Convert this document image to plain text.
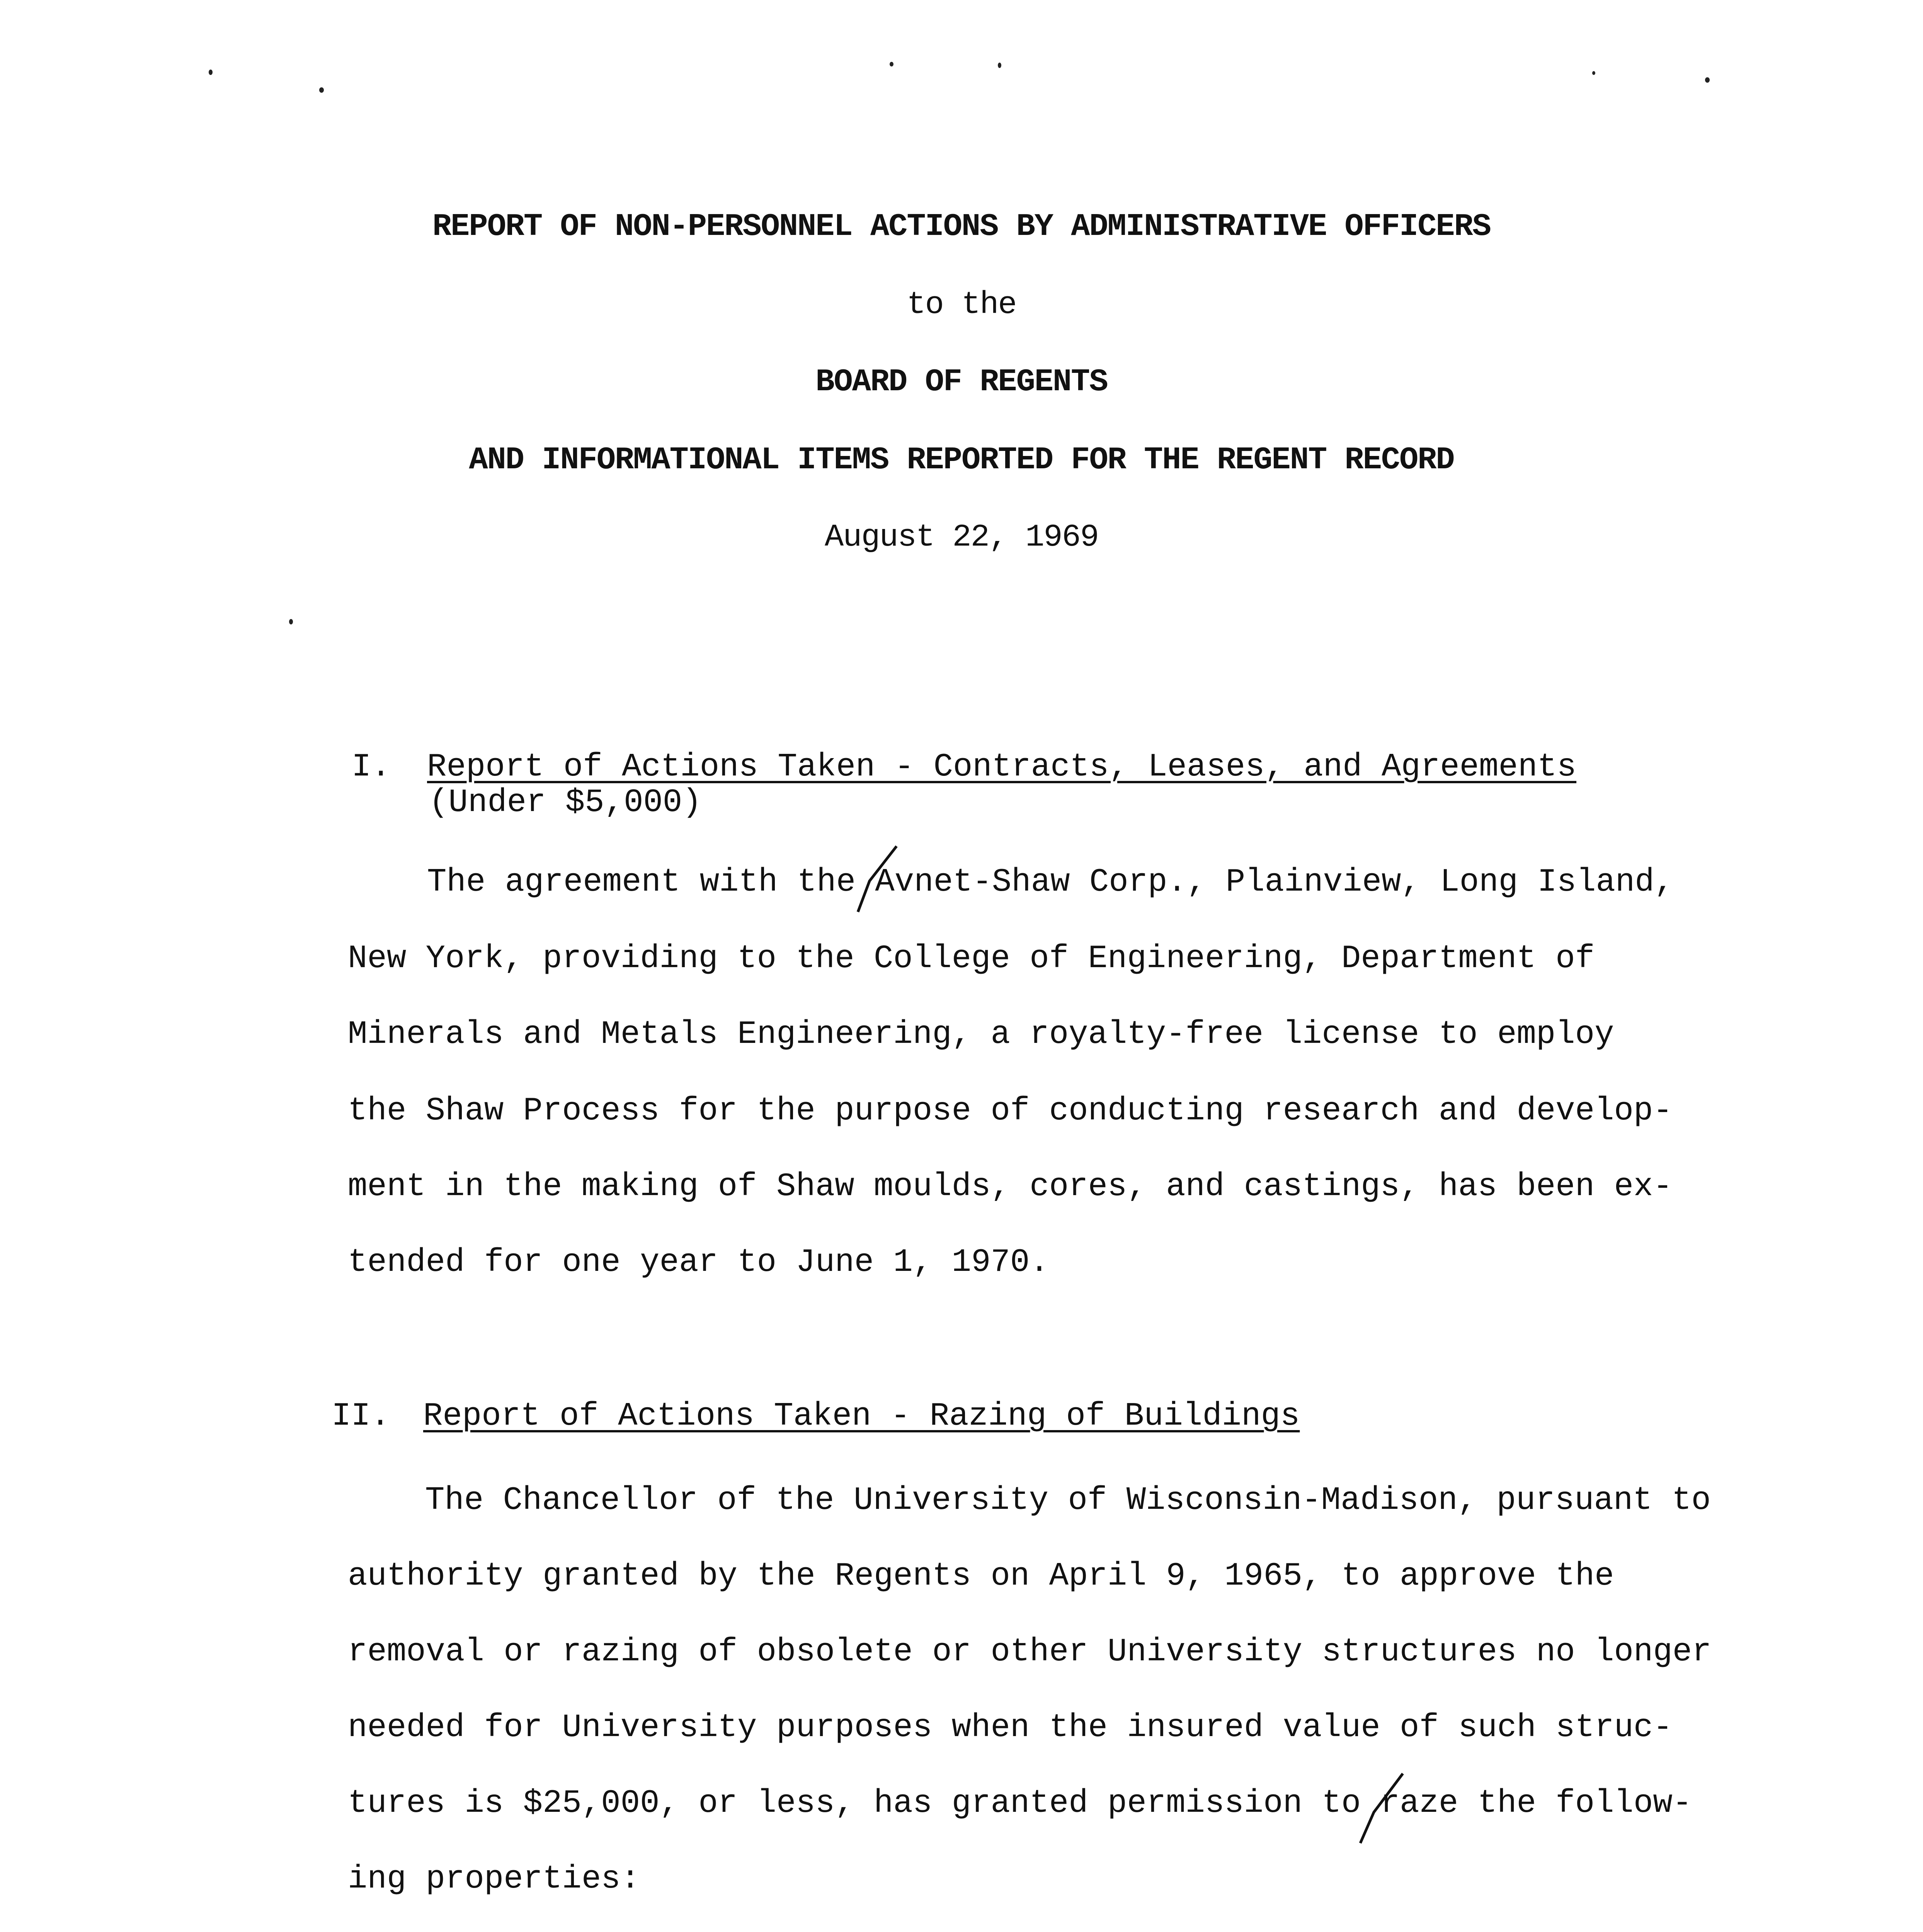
REPORT OF NON-PERSONNEL ACTIONS BY ADMINISTRATIVE OFFICERS
to the
BOARD OF REGENTS
AND INFORMATIONAL ITEMS REPORTED FOR THE REGENT RECORD
August 22, 1969
I. Report of Actions Taken - Contracts, Leases, and Agreements
(Under $5,000)
The agreement with the Avnet-Shaw Corp., Plainview, Long Island,
New York, providing to the College of Engineering, Department of
Minerals and Metals Engineering, a royalty-free license to employ
the Shaw Process for the purpose of conducting research and develop-
ment in the making of Shaw moulds, cores, and castings, has been ex-
tended for one year to June 1, 1970.
II. Report of Actions Taken - Razing of Buildings
The Chancellor of the University of Wisconsin-Madison, pursuant to
authority granted by the Regents on April 9, 1965, to approve the
removal or razing of obsolete or other University structures no longer
needed for University purposes when the insured value of such struc-
tures is $25,000, or less, has granted permission to raze the follow-
ing properties:
